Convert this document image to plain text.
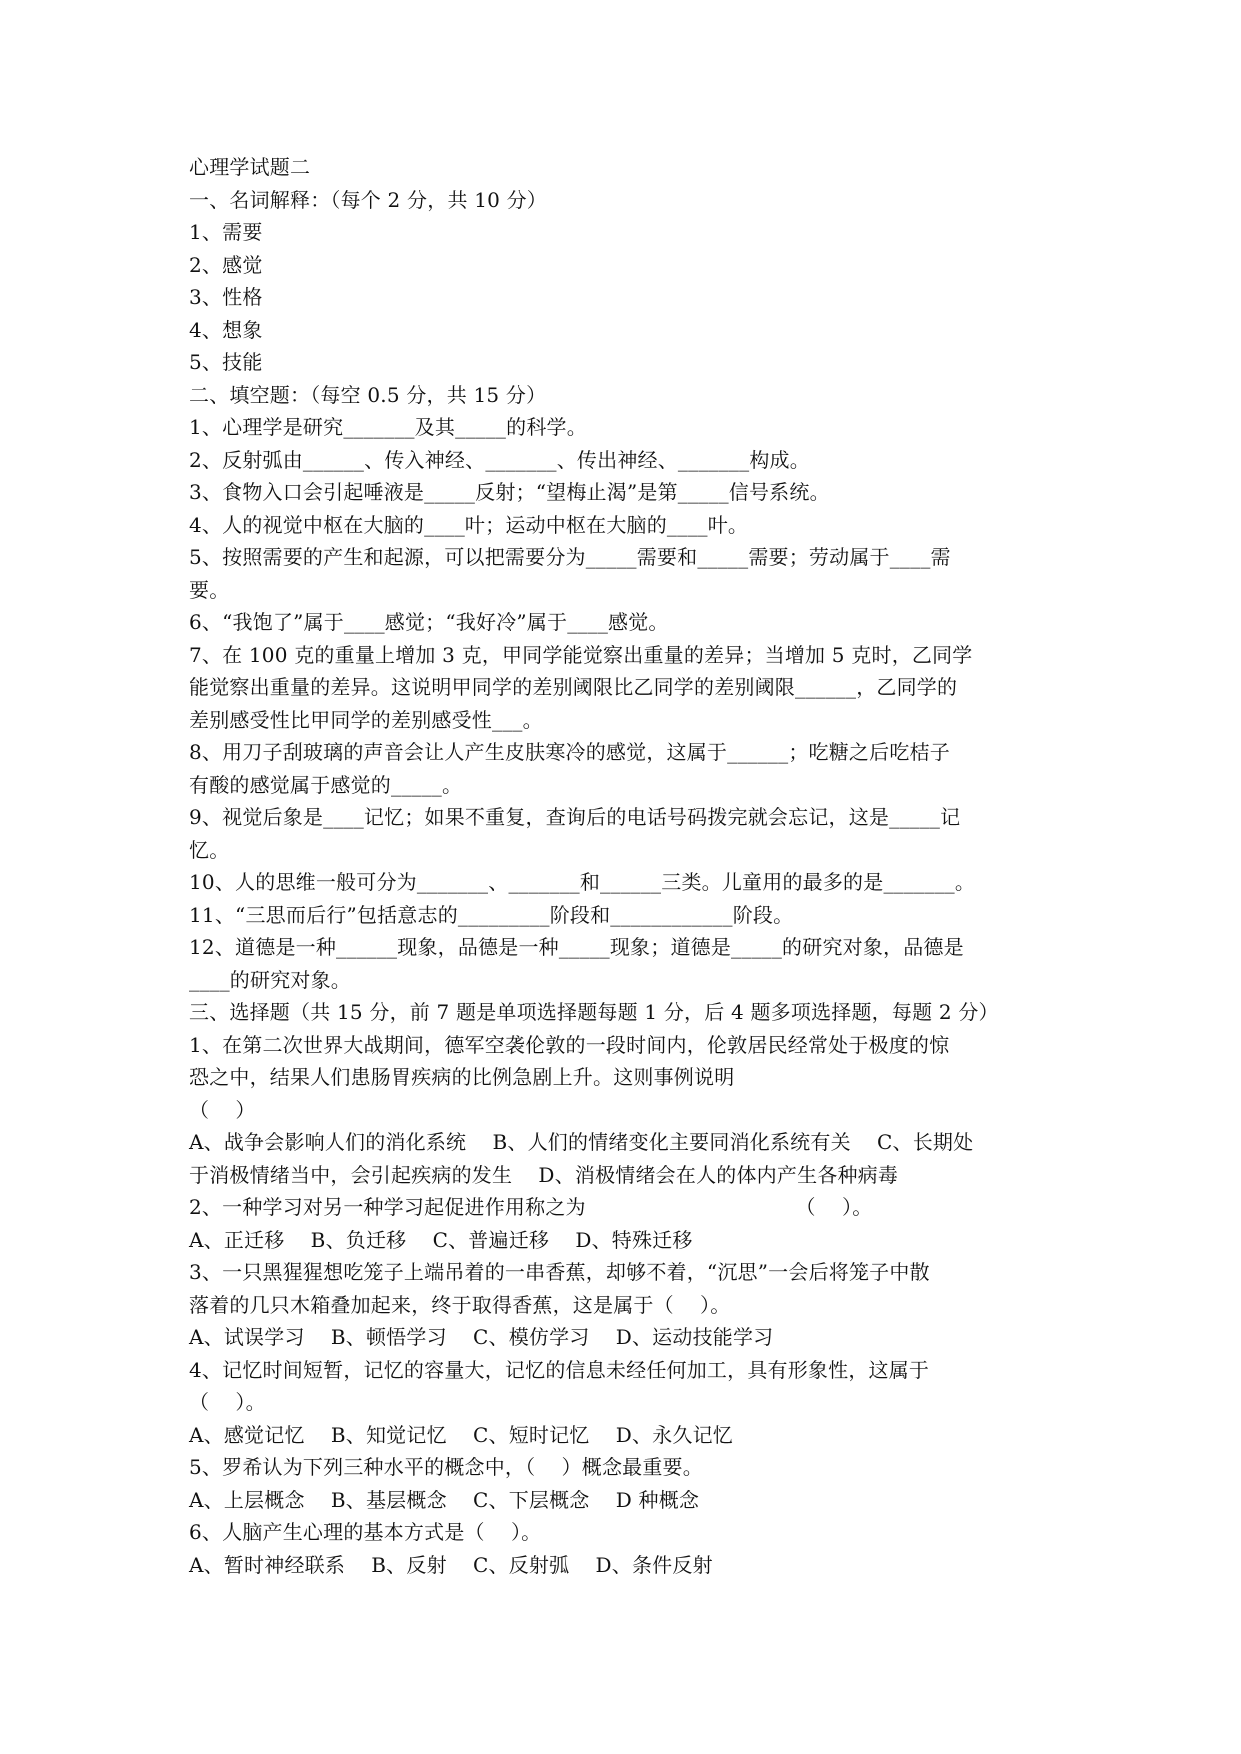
心理学试题二
一、名词解释：（每个 2 分，共 10 分）
1、需要
2、感觉
3、性格
4、想象
5、技能
二、填空题：（每空 0.5 分，共 15 分）
1、心理学是研究_______及其_____的科学。
2、反射弧由______、传入神经、_______、传出神经、_______构成。
3、食物入口会引起唾液是_____反射；“望梅止渴”是第_____信号系统。
4、人的视觉中枢在大脑的____叶；运动中枢在大脑的____叶。
5、按照需要的产生和起源，可以把需要分为_____需要和_____需要；劳动属于____需
要。
6、“我饱了”属于____感觉；“我好冷”属于____感觉。
7、在 100 克的重量上增加 3 克，甲同学能觉察出重量的差异；当增加 5 克时，乙同学
能觉察出重量的差异。这说明甲同学的差别阈限比乙同学的差别阈限______，乙同学的
差别感受性比甲同学的差别感受性___。
8、用刀子刮玻璃的声音会让人产生皮肤寒冷的感觉，这属于______；吃糖之后吃桔子
有酸的感觉属于感觉的_____。
9、视觉后象是____记忆；如果不重复，查询后的电话号码拨完就会忘记，这是_____记
忆。
10、人的思维一般可分为_______、_______和______三类。儿童用的最多的是_______。
11、“三思而后行”包括意志的_________阶段和____________阶段。
12、道德是一种______现象，品德是一种_____现象；道德是_____的研究对象，品德是
____的研究对象。
三、选择题（共 15 分，前 7 题是单项选择题每题 1 分，后 4 题多项选择题，每题 2 分）
1、在第二次世界大战期间，德军空袭伦敦的一段时间内，伦敦居民经常处于极度的惊
恐之中，结果人们患肠胃疾病的比例急剧上升。这则事例说明
（    ）
A、战争会影响人们的消化系统    B、人们的情绪变化主要同消化系统有关    C、长期处
于消极情绪当中，会引起疾病的发生    D、消极情绪会在人的体内产生各种病毒
2、一种学习对另一种学习起促进作用称之为                                （    ）。
A、正迁移    B、负迁移    C、普遍迁移    D、特殊迁移
3、一只黑猩猩想吃笼子上端吊着的一串香蕉，却够不着，“沉思”一会后将笼子中散
落着的几只木箱叠加起来，终于取得香蕉，这是属于（    ）。
A、试误学习    B、顿悟学习    C、模仿学习    D、运动技能学习
4、记忆时间短暂，记忆的容量大，记忆的信息未经任何加工，具有形象性，这属于
（    ）。
A、感觉记忆    B、知觉记忆    C、短时记忆    D、永久记忆
5、罗希认为下列三种水平的概念中，（    ）概念最重要。
A、上层概念    B、基层概念    C、下层概念    D 种概念
6、人脑产生心理的基本方式是（    ）。
A、暂时神经联系    B、反射    C、反射弧    D、条件反射
